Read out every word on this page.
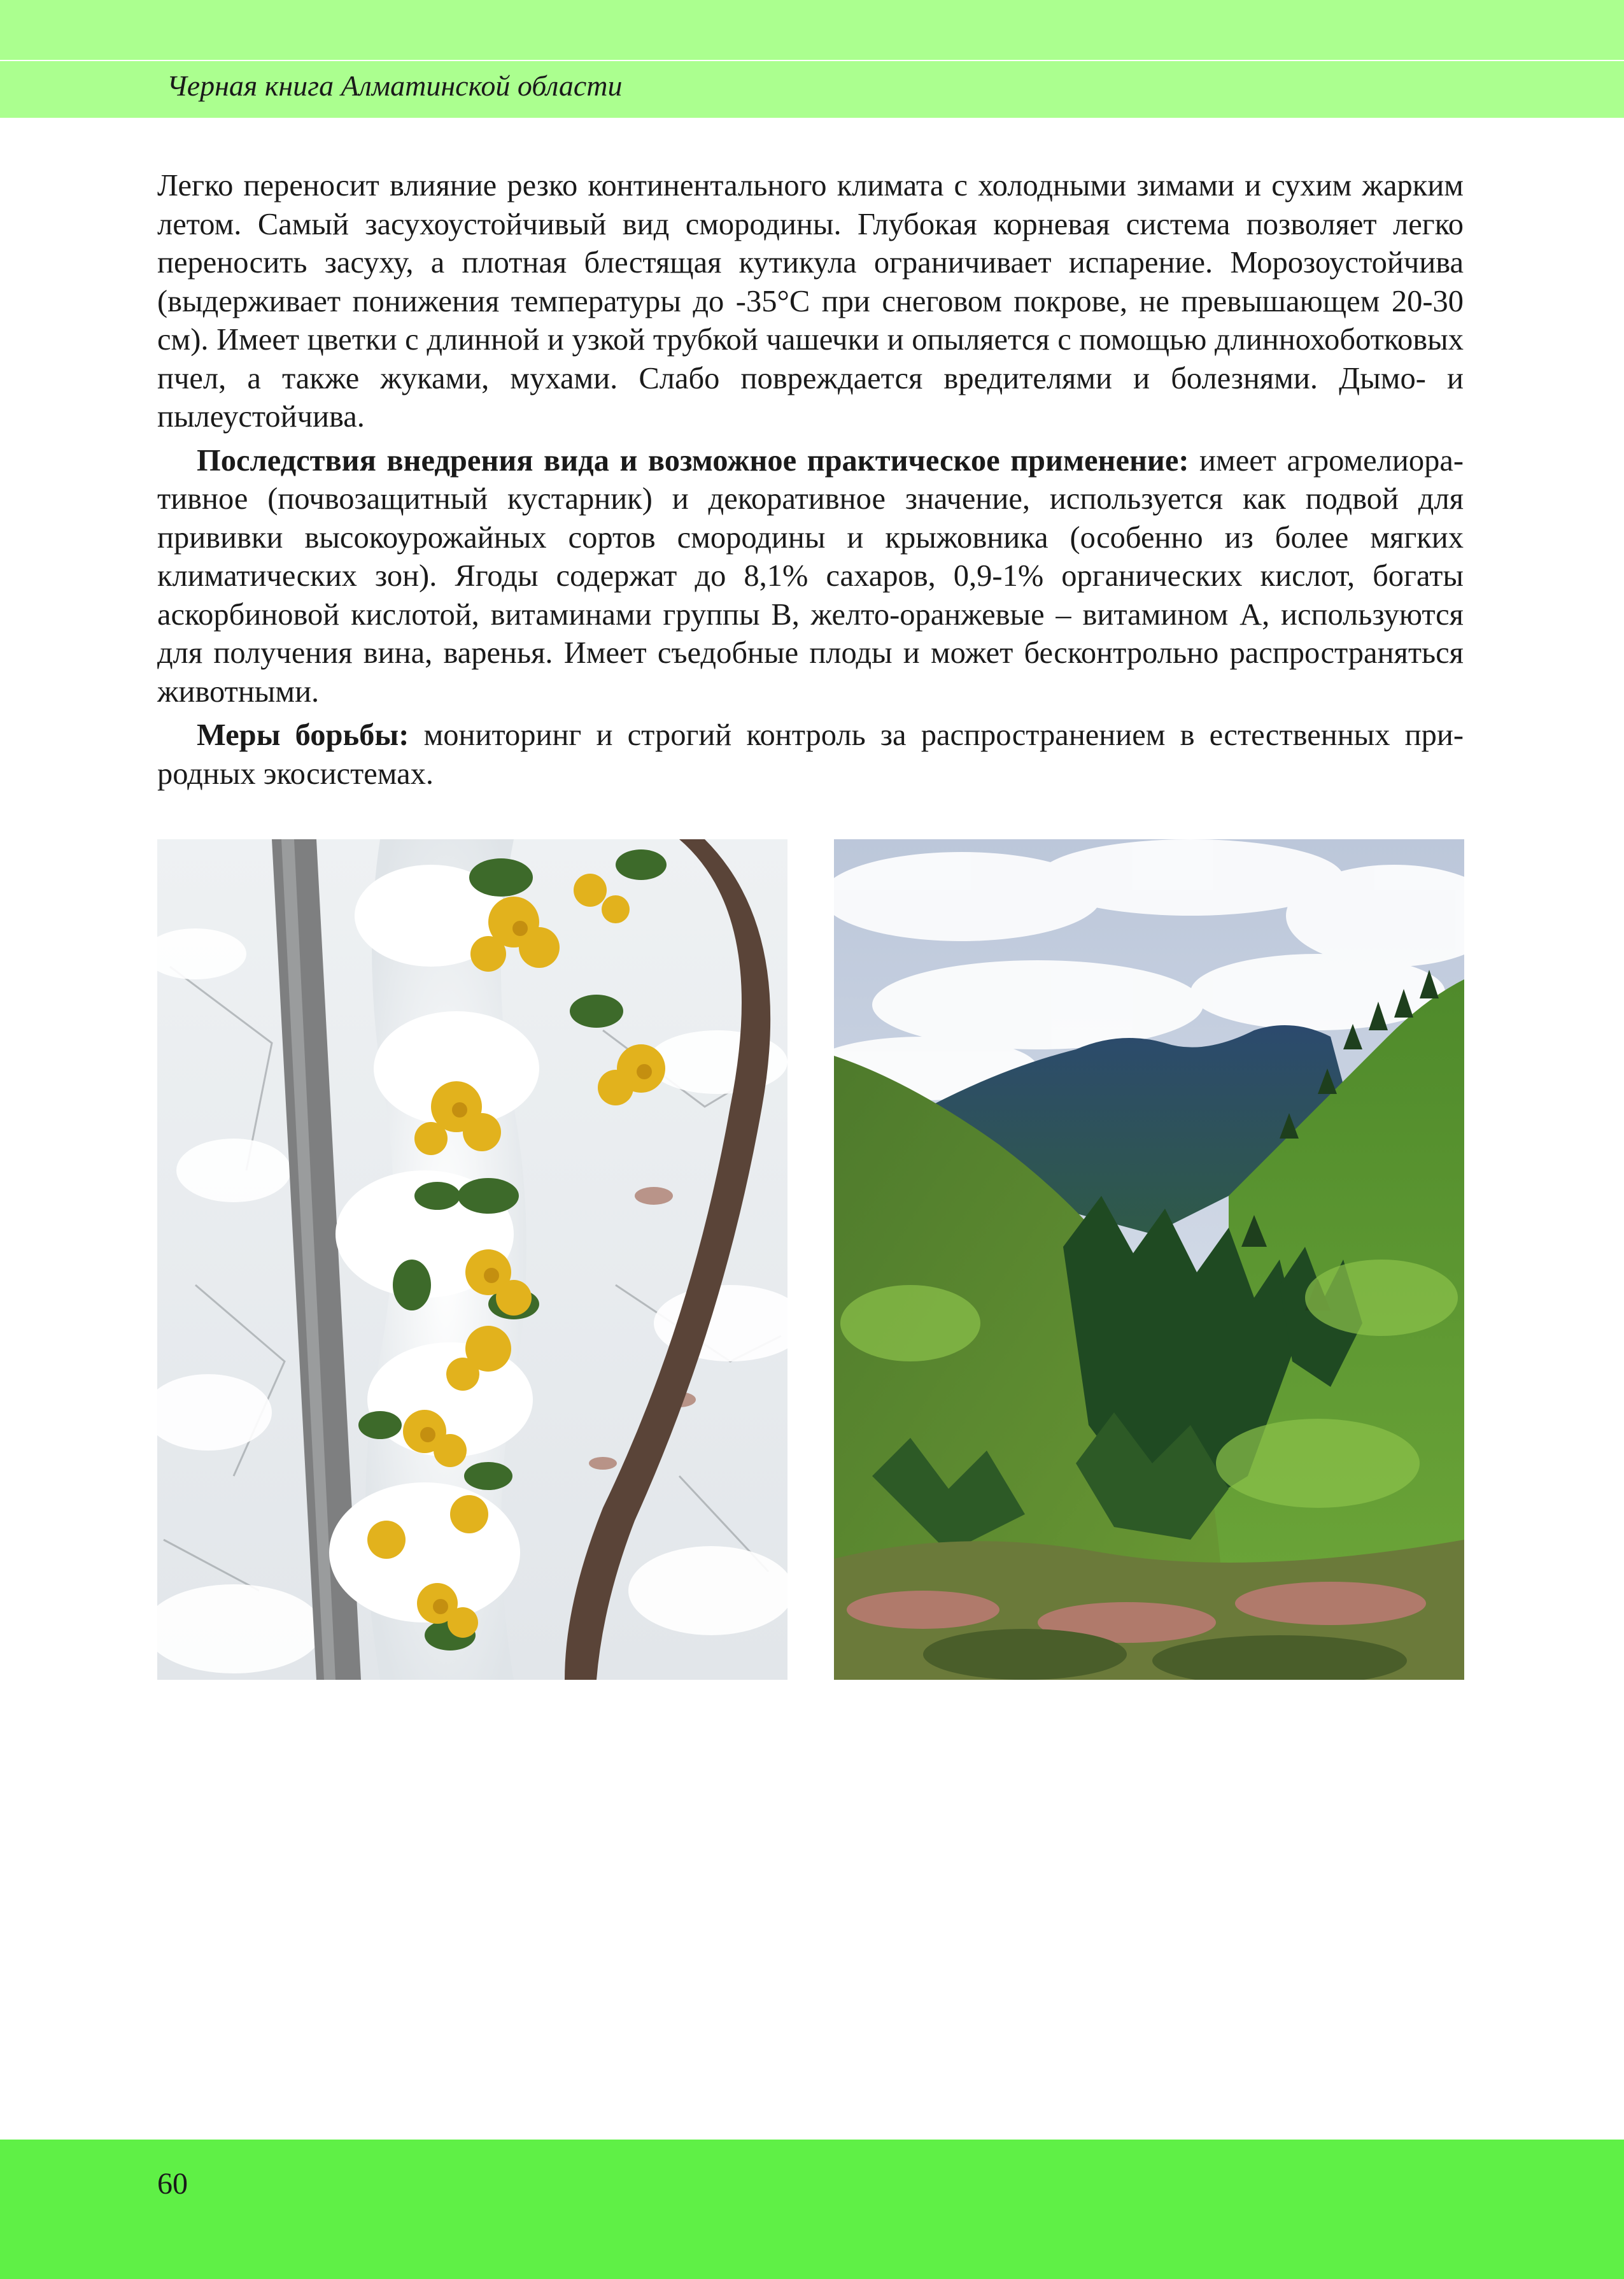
Черная книга Алматинской области

Легко переносит влияние резко континентального климата с холодными зимами и сухим жарким летом. Самый засухоустойчивый вид смородины. Глубокая корневая система позволяет легко переносить засуху, а плотная блестящая кутикула ограничивает испарение. Морозоустойчива (выдерживает понижения температуры до -35°С при снеговом покрове, не превышающем 20-30 см). Имеет цветки с длинной и узкой трубкой чашечки и опыляется с помощью длиннохоботковых пчел, а также жуками, мухами. Слабо повреждается вредителями и болезнями. Дымо- и пылеустойчива.

Последствия внедрения вида и возможное практическое применение: имеет агромелиоративное (почвозащитный кустарник) и декоративное значение, используется как подвой для прививки высокоурожайных сортов смородины и крыжовника (особенно из более мягких климатических зон). Ягоды содержат до 8,1% сахаров, 0,9-1% органических кислот, богаты аскорбиновой кислотой, витаминами группы В, желто-оранжевые – витамином А, используются для получения вина, варенья. Имеет съедобные плоды и может бесконтрольно распространяться животными.

Меры борьбы: мониторинг и строгий контроль за распространением в естественных природных экосистемах.

60
